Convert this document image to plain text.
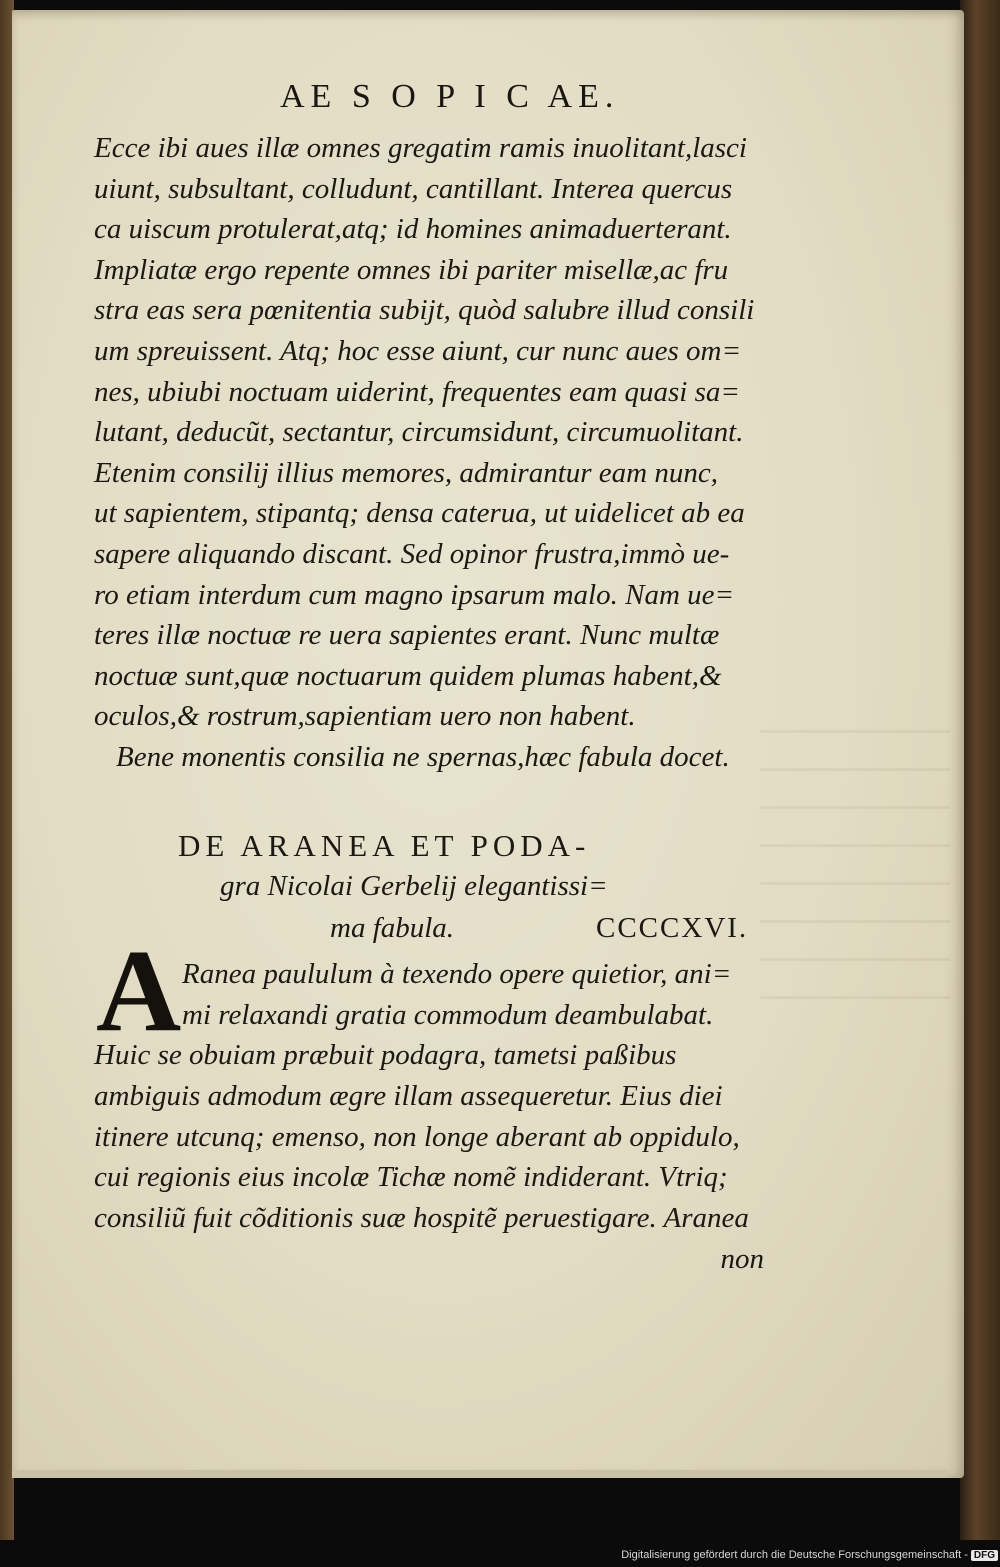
AE S O P I C AE.
Ecce ibi aues illæ omnes gregatim ramis inuolitant,lasci
uiunt, subsultant, colludunt, cantillant. Interea quercus
ca uiscum protulerat,atq; id homines animaduerterant.
Impliatæ ergo repente omnes ibi pariter misellæ,ac fru
stra eas sera pœnitentia subijt, quòd salubre illud consili
um spreuissent. Atq; hoc esse aiunt, cur nunc aues om=
nes, ubiubi noctuam uiderint, frequentes eam quasi sa=
lutant, deducũt, sectantur, circumsidunt, circumuolitant.
Etenim consilij illius memores, admirantur eam nunc,
ut sapientem, stipantq; densa caterua, ut uidelicet ab ea
sapere aliquando discant. Sed opinor frustra,immò ue-
ro etiam interdum cum magno ipsarum malo. Nam ue=
teres illæ noctuæ re uera sapientes erant. Nunc multæ
noctuæ sunt,quæ noctuarum quidem plumas habent,&
oculos,& rostrum,sapientiam uero non habent.
Bene monentis consilia ne spernas,hæc fabula docet.
DE ARANEA ET PODA-
gra Nicolai Gerbelij elegantissi=
ma fabula.	CCCCXVI.
A Ranea paululum à texendo opere quietior, ani=
mi relaxandi gratia commodum deambulabat.
Huic se obuiam præbuit podagra, tametsi paßibus
ambiguis admodum ægre illam assequeretur. Eius diei
itinere utcunq; emenso, non longe aberant ab oppidulo,
cui regionis eius incolæ Tichæ nomẽ indiderant. Vtriq;
consiliũ fuit cõditionis suæ hospitẽ peruestigare. Aranea
non
Digitalisierung gefördert durch die Deutsche Forschungsgemeinschaft - DFG
